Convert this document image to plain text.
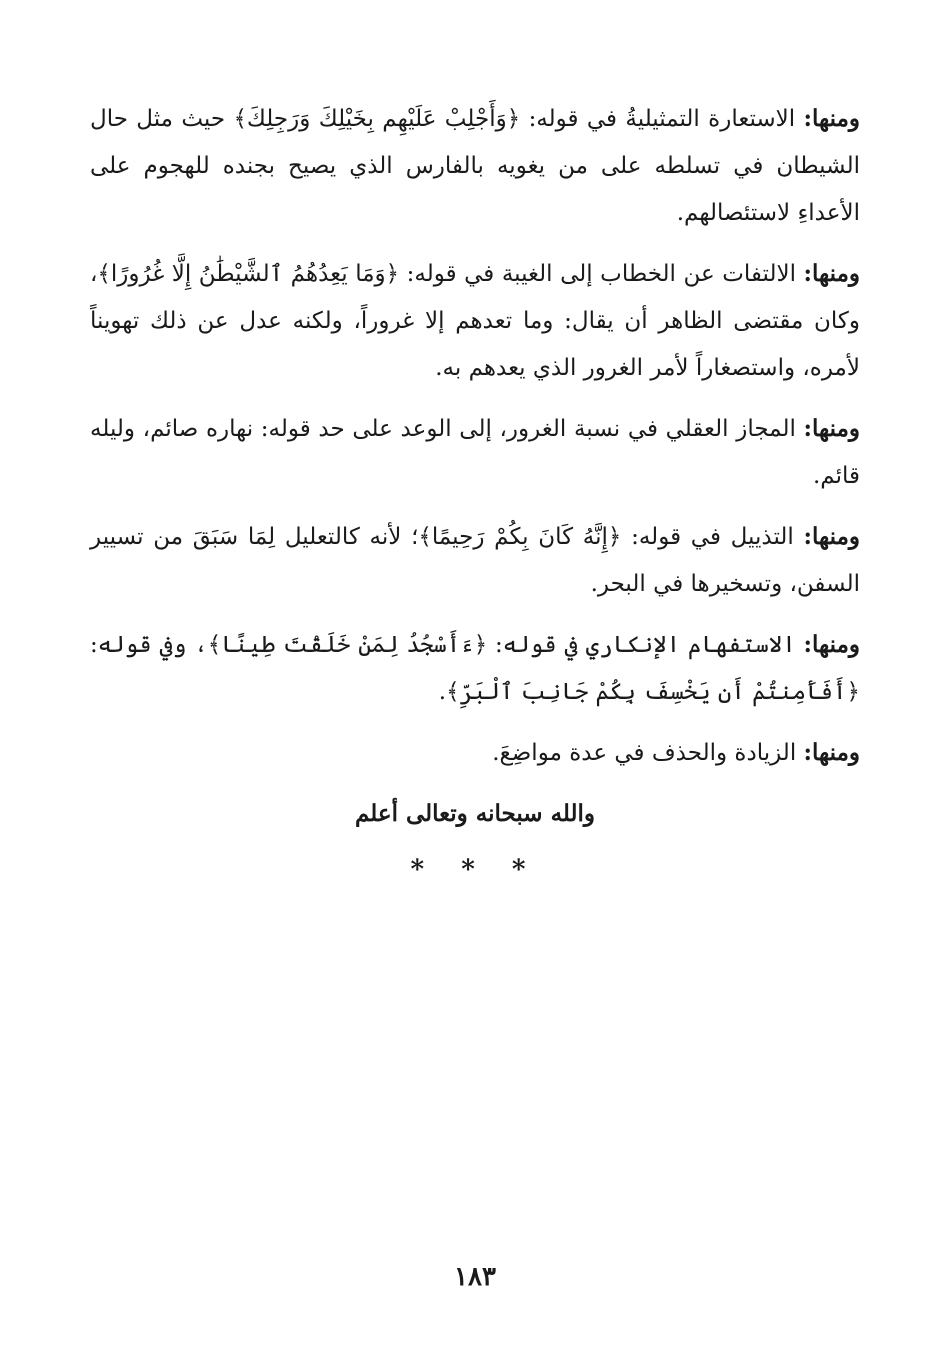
ومنها: الاستعارة التمثيليةُ في قوله: ﴿وَأَجْلِبْ عَلَيْهِم بِخَيْلِكَ وَرَجِلِكَ﴾ حيث مثل حال الشيطان في تسلطه على من يغويه بالفارس الذي يصيح بجنده للهجوم على الأعداءِ لاستئصالهم.

ومنها: الالتفات عن الخطاب إلى الغيبة في قوله: ﴿وَمَا يَعِدُهُمُ ٱلشَّيْطَٰنُ إِلَّا غُرُورًا﴾، وكان مقتضى الظاهر أن يقال: وما تعدهم إلا غروراً، ولكنه عدل عن ذلك تهويناً لأمره، واستصغاراً لأمر الغرور الذي يعدهم به.

ومنها: المجاز العقلي في نسبة الغرور، إلى الوعد على حد قوله: نهاره صائم، وليله قائم.

ومنها: التذييل في قوله: ﴿إِنَّهُ كَانَ بِكُمْ رَحِيمًا﴾؛ لأنه كالتعليل لِمَا سَبَقَ من تسيير السفن، وتسخيرها في البحر.

ومنها: الاستفهام الإنكاري في قوله: ﴿ءَأَسْجُدُ لِمَنْ خَلَقْتَ طِينًا﴾، وفي قوله: ﴿أَفَأَمِنتُمْ أَن يَخْسِفَ بِكُمْ جَانِبَ ٱلْبَرِّ﴾.

ومنها: الزيادة والحذف في عدة مواضِعَ.

والله سبحانه وتعالى أعلم
* * *
١٨٣
